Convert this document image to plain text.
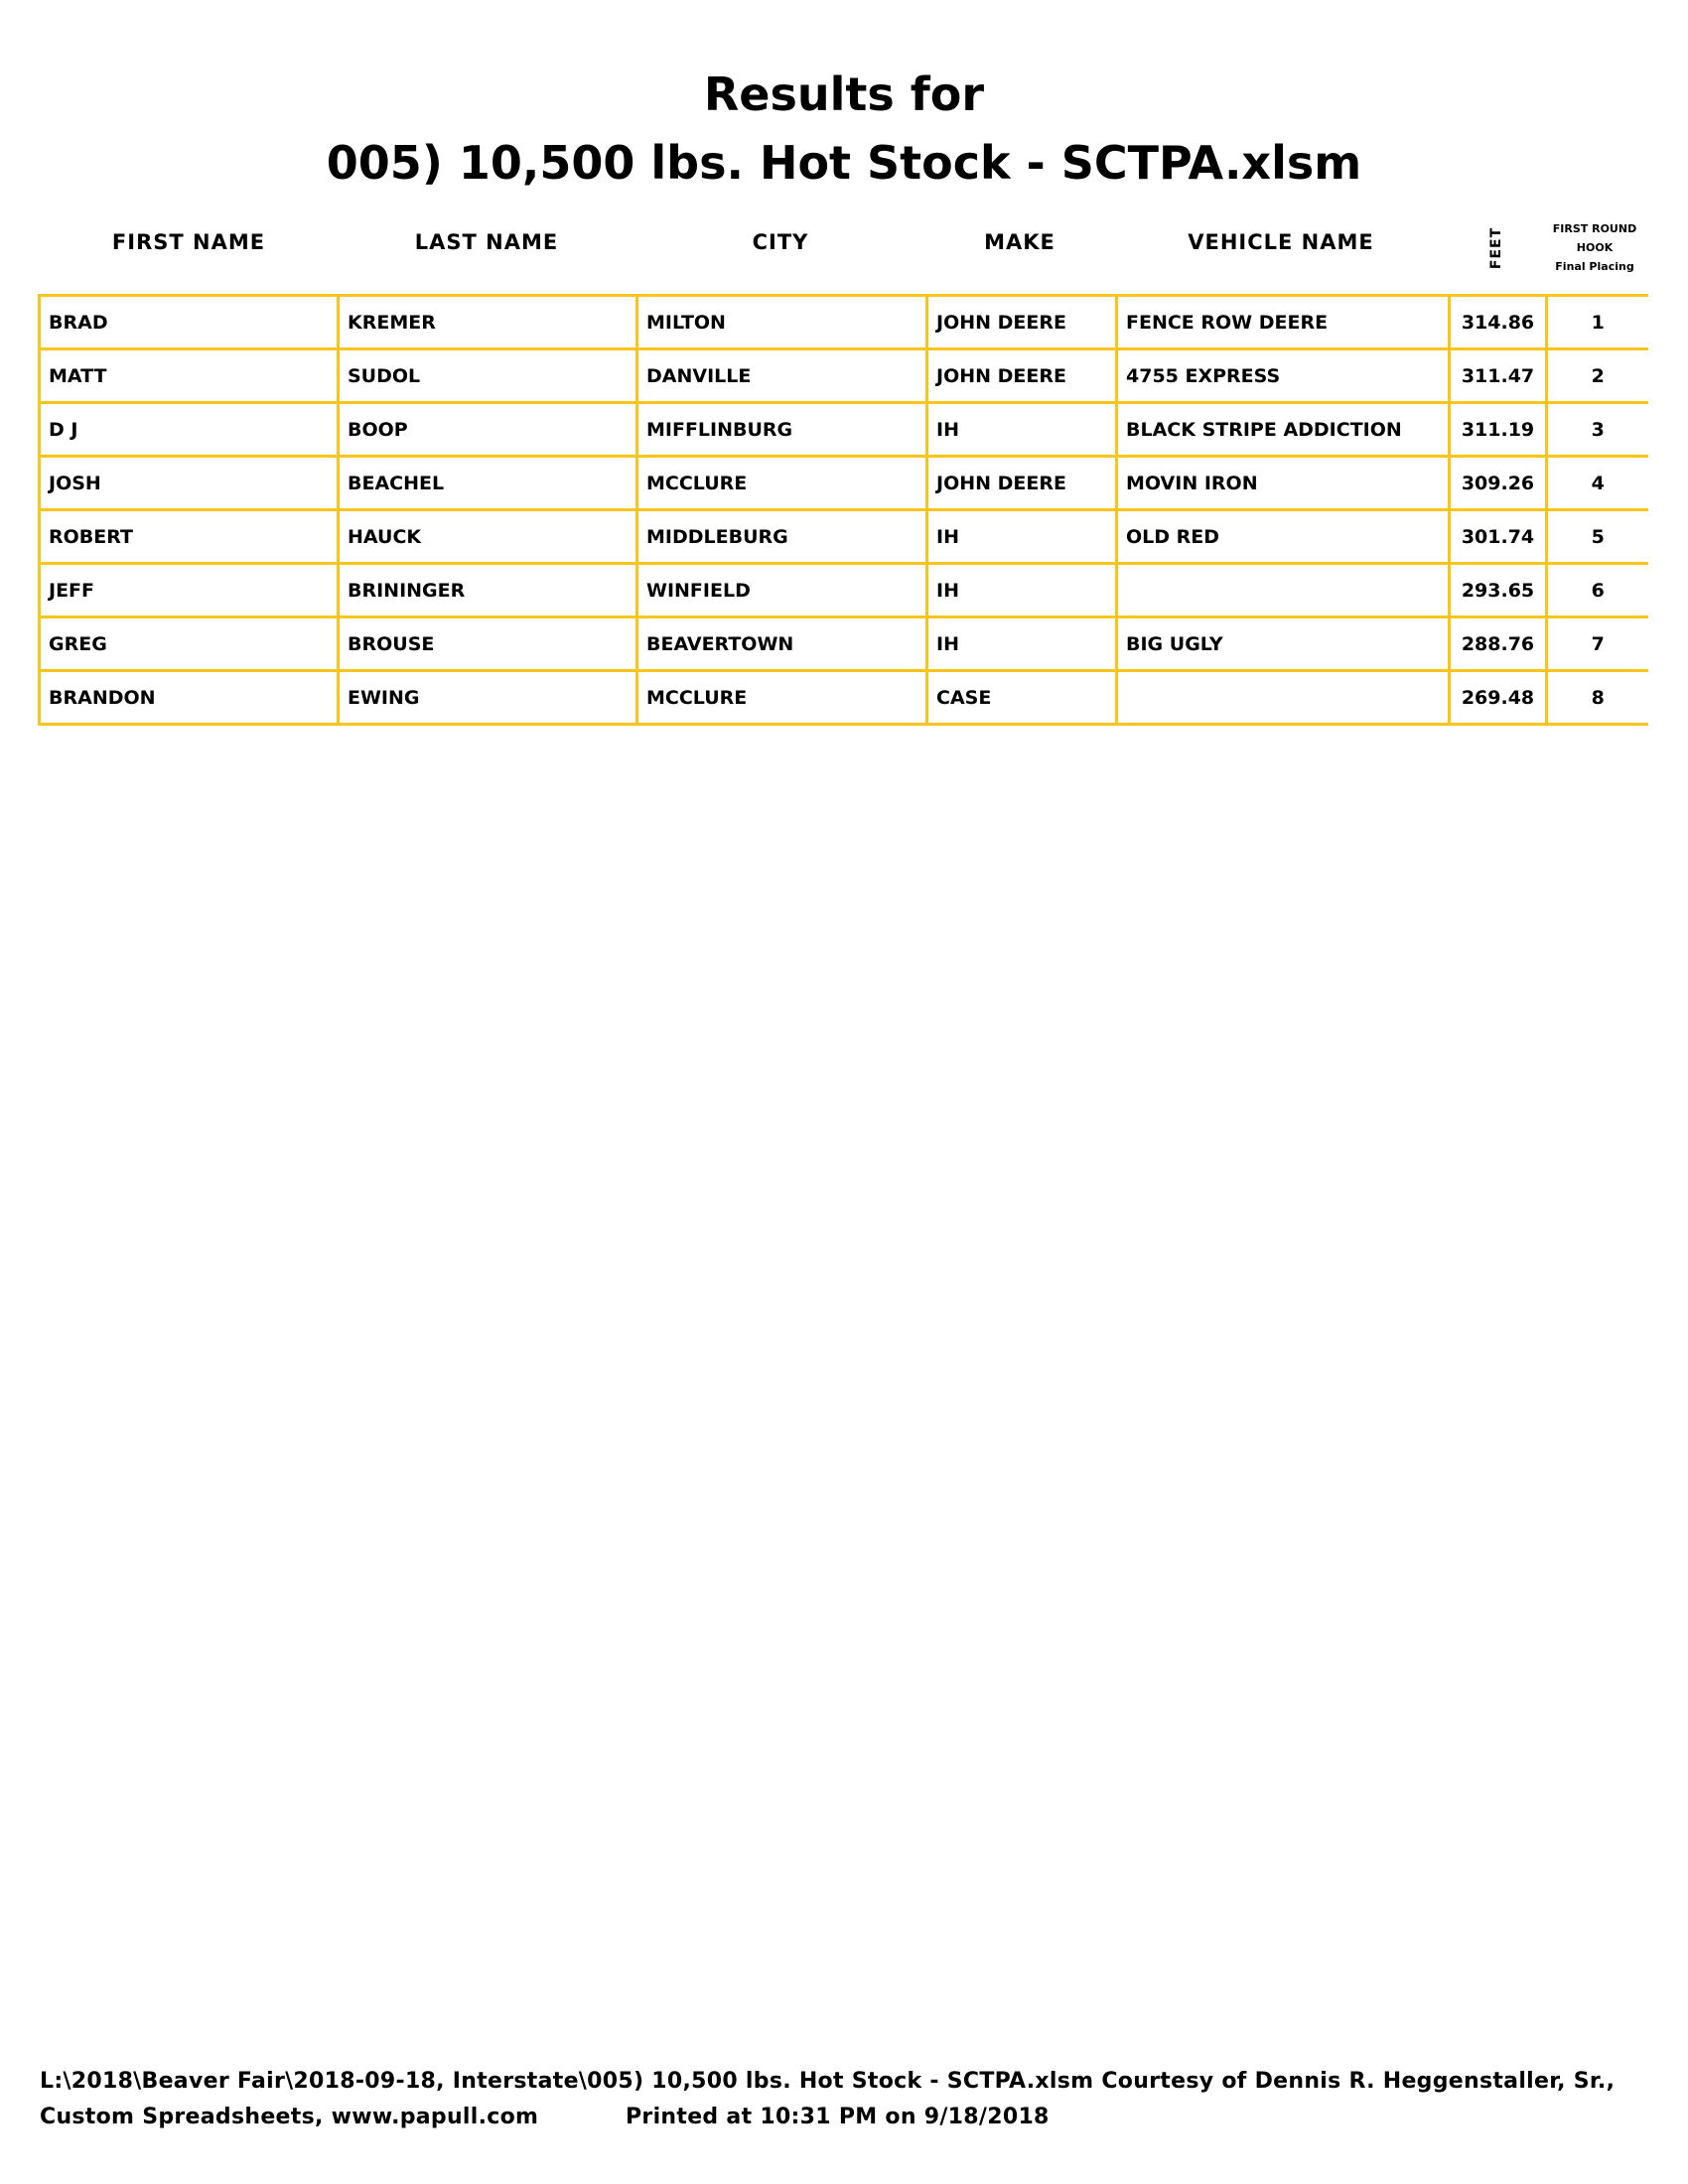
Results for
005) 10,500 lbs. Hot Stock - SCTPA.xlsm
FIRST NAME	LAST NAME	CITY	MAKE	VEHICLE NAME	FEET	FIRST ROUND
HOOK
Final Placing
BRAD	KREMER	MILTON	JOHN DEERE	FENCE ROW DEERE	314.86	1
MATT	SUDOL	DANVILLE	JOHN DEERE	4755 EXPRESS	311.47	2
D J	BOOP	MIFFLINBURG	IH	BLACK STRIPE ADDICTION	311.19	3
JOSH	BEACHEL	MCCLURE	JOHN DEERE	MOVIN IRON	309.26	4
ROBERT	HAUCK	MIDDLEBURG	IH	OLD RED	301.74	5
JEFF	BRININGER	WINFIELD	IH		293.65	6
GREG	BROUSE	BEAVERTOWN	IH	BIG UGLY	288.76	7
BRANDON	EWING	MCCLURE	CASE		269.48	8
L:\2018\Beaver Fair\2018-09-18, Interstate\005) 10,500 lbs. Hot Stock - SCTPA.xlsm Courtesy of Dennis R. Heggenstaller, Sr.,
Custom Spreadsheets, www.papull.com	Printed at 10:31 PM on 9/18/2018
